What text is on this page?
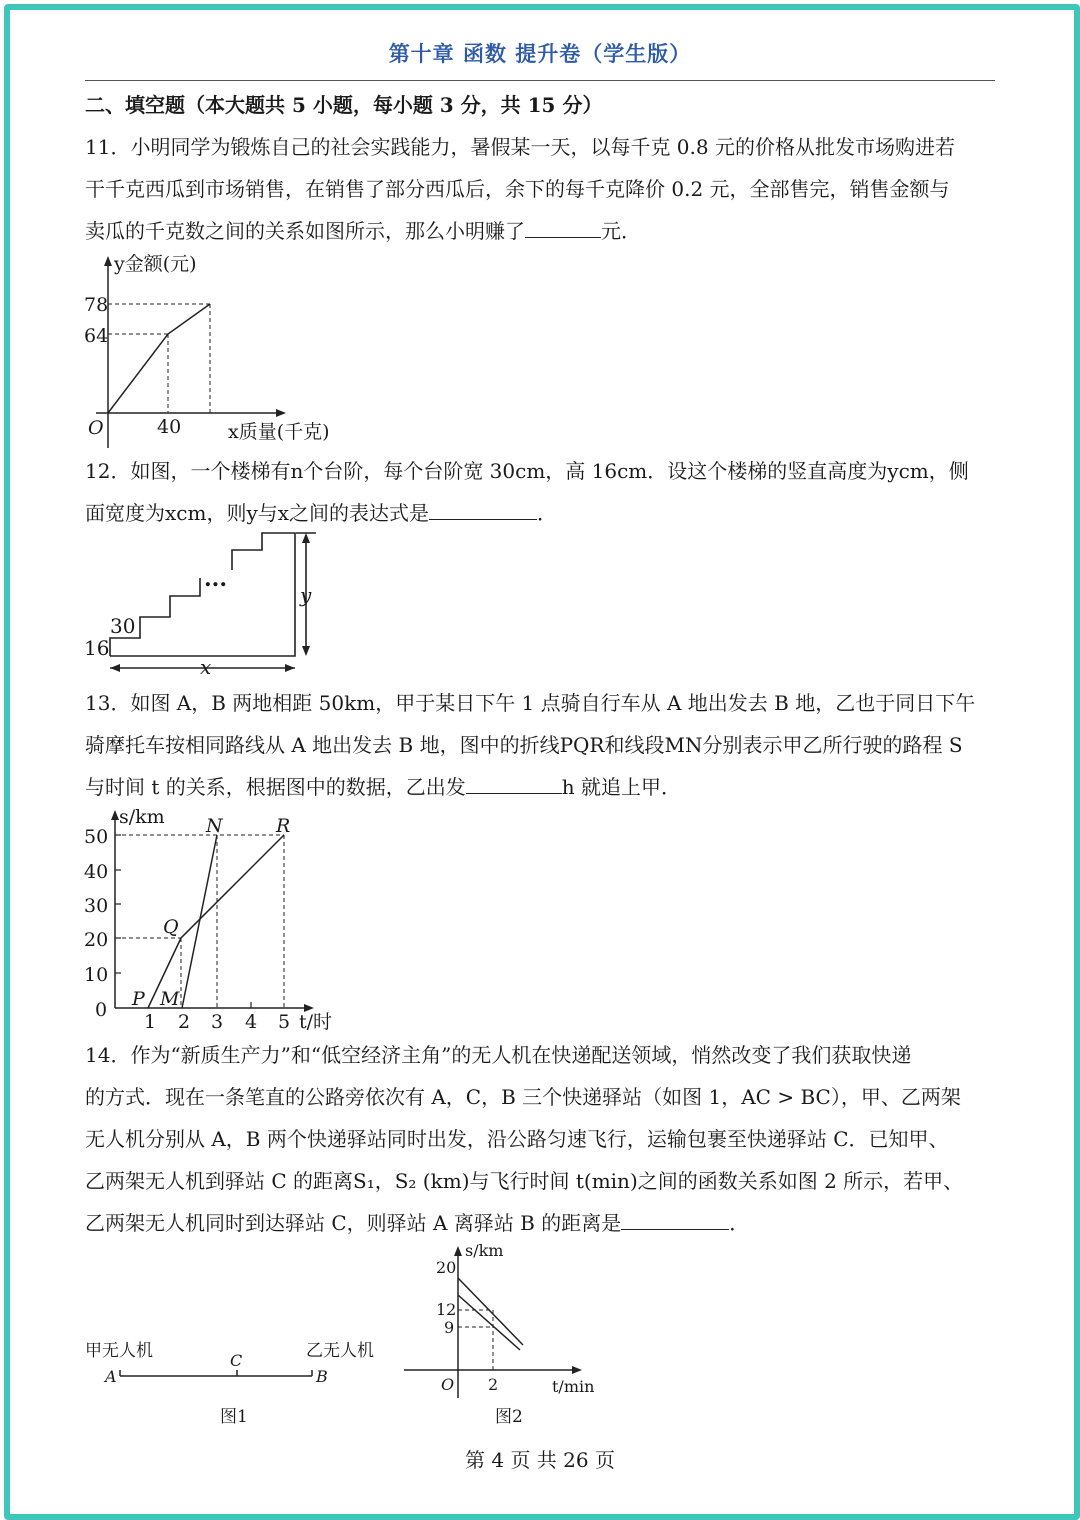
第十章 函数 提升卷（学生版）
二、填空题（本大题共 5 小题，每小题 3 分，共 15 分）
11．小明同学为锻炼自己的社会实践能力，暑假某一天，以每千克 0.8 元的价格从批发市场购进若
干千克西瓜到市场销售，在销售了部分西瓜后，余下的每千克降价 0.2 元，全部售完，销售金额与
卖瓜的千克数之间的关系如图所示，那么小明赚了	元．
y金额(元)
x质量(千克)
O
78
64
40
12．如图，一个楼梯有n个台阶，每个台阶宽 30cm，高 16cm．设这个楼梯的竖直高度为ycm，侧
面宽度为xcm，则y与x之间的表达式是	．
...
30
16
x
y
13．如图 A，B 两地相距 50km，甲于某日下午 1 点骑自行车从 A 地出发去 B 地，乙也于同日下午
骑摩托车按相同路线从 A 地出发去 B 地，图中的折线PQR和线段MN分别表示甲乙所行驶的路程 S
与时间 t 的关系，根据图中的数据，乙出发	h 就追上甲．
s/km
t/时
50
40
30
20
10
0
1 2 3 4 5
P M
Q
N	R
14．作为“新质生产力”和“低空经济主角”的无人机在快递配送领域，悄然改变了我们获取快递
的方式．现在一条笔直的公路旁依次有 A，C，B 三个快递驿站（如图 1，AC > BC），甲、乙两架
无人机分别从 A，B 两个快递驿站同时出发，沿公路匀速飞行，运输包裹至快递驿站 C．已知甲、
乙两架无人机到驿站 C 的距离S₁，S₂ (km)与飞行时间 t(min)之间的函数关系如图 2 所示，若甲、
乙两架无人机同时到达驿站 C，则驿站 A 离驿站 B 的距离是	．
甲无人机	乙无人机
A
C
B
图1
s/km
t/min
O
20
12
9
2
图2
第 4 页 共 26 页
